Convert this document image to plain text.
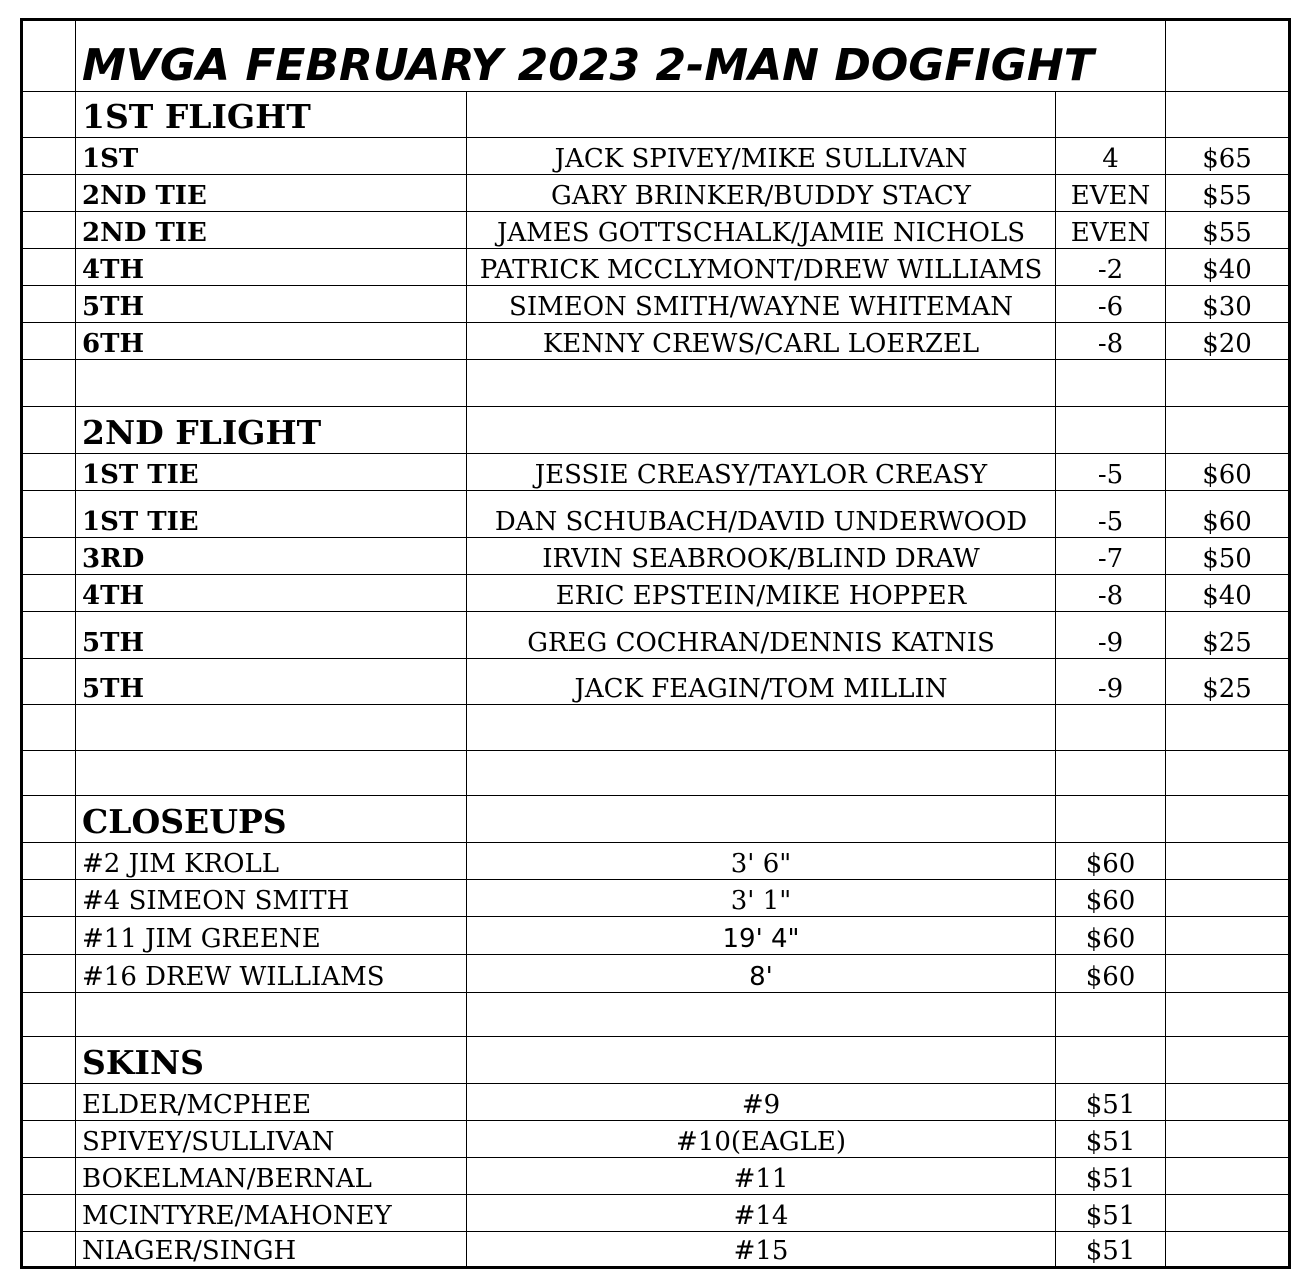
	MVGA FEBRUARY 2023 2-MAN DOGFIGHT			
	1ST FLIGHT			
	1ST	JACK SPIVEY/MIKE SULLIVAN	4	$65
	2ND TIE	GARY BRINKER/BUDDY STACY	EVEN	$55
	2ND TIE	JAMES GOTTSCHALK/JAMIE NICHOLS	EVEN	$55
	4TH	PATRICK MCCLYMONT/DREW WILLIAMS	-2	$40
	5TH	SIMEON SMITH/WAYNE WHITEMAN	-6	$30
	6TH	KENNY CREWS/CARL LOERZEL	-8	$20

	2ND FLIGHT			
	1ST TIE	JESSIE CREASY/TAYLOR CREASY	-5	$60
	1ST TIE	DAN SCHUBACH/DAVID UNDERWOOD	-5	$60
	3RD	IRVIN SEABROOK/BLIND DRAW	-7	$50
	4TH	ERIC EPSTEIN/MIKE HOPPER	-8	$40
	5TH	GREG COCHRAN/DENNIS KATNIS	-9	$25
	5TH	JACK FEAGIN/TOM MILLIN	-9	$25

	CLOSEUPS			
	#2 JIM KROLL	3' 6"	$60	
	#4 SIMEON SMITH	3' 1"	$60	
	#11 JIM GREENE	19' 4"	$60	
	#16 DREW WILLIAMS	8'	$60	

	SKINS			
	ELDER/MCPHEE	#9	$51	
	SPIVEY/SULLIVAN	#10(EAGLE)	$51	
	BOKELMAN/BERNAL	#11	$51	
	MCINTYRE/MAHONEY	#14	$51	
	NIAGER/SINGH	#15	$51	
